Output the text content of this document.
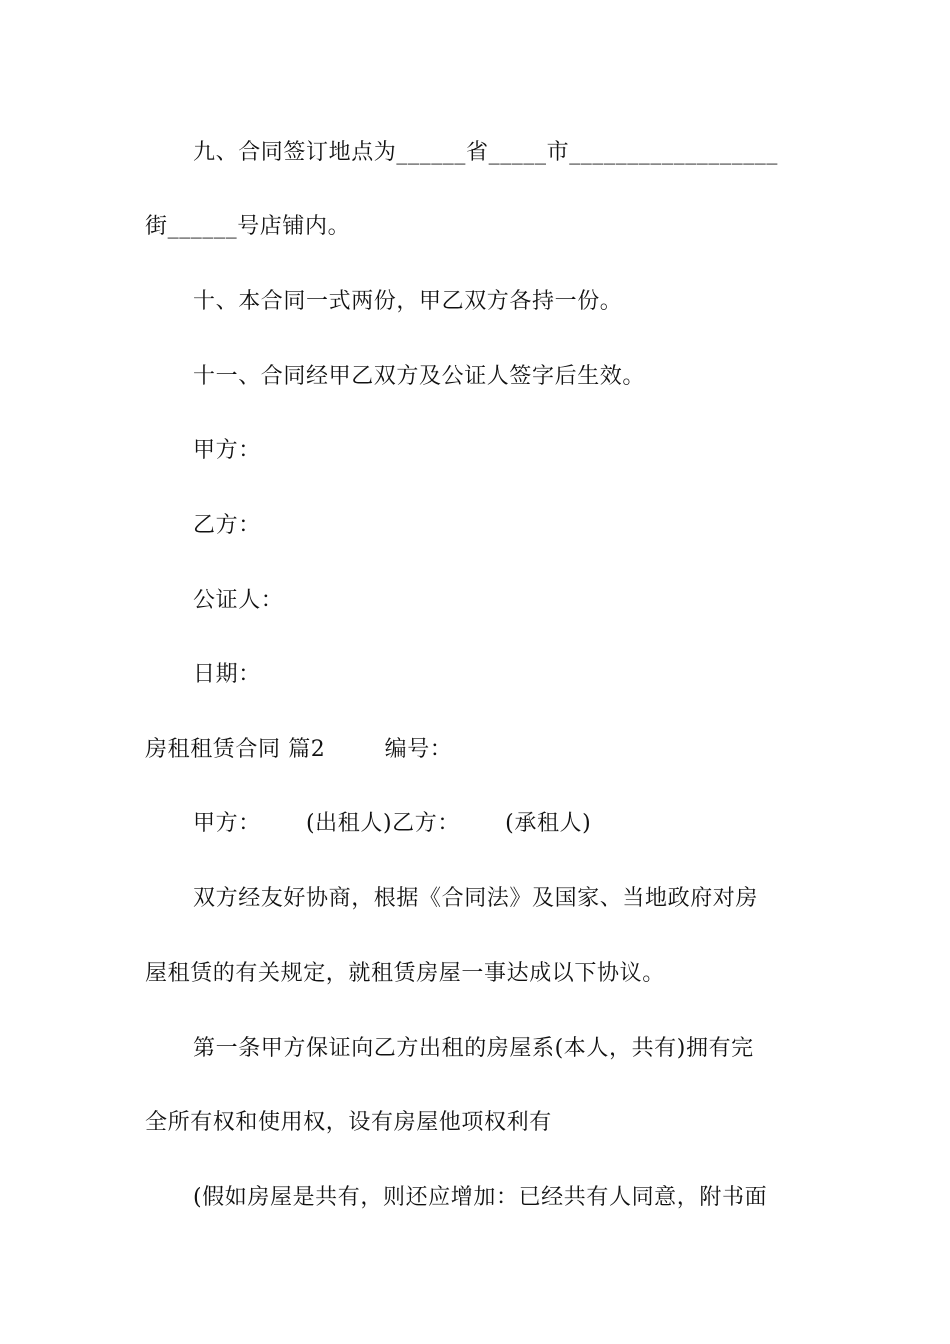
九、合同签订地点为______省_____市__________________
街______号店铺内。
十、本合同一式两份，甲乙双方各持一份。
十一、合同经甲乙双方及公证人签字后生效。
甲方：
乙方：
公证人：
日期：
房租租赁合同 篇2	编号：
甲方： (出租人)乙方： (承租人)
双方经友好协商，根据《合同法》及国家、当地政府对房
屋租赁的有关规定，就租赁房屋一事达成以下协议。
第一条甲方保证向乙方出租的房屋系(本人，共有)拥有完
全所有权和使用权，设有房屋他项权利有
(假如房屋是共有，则还应增加：已经共有人同意，附书面
